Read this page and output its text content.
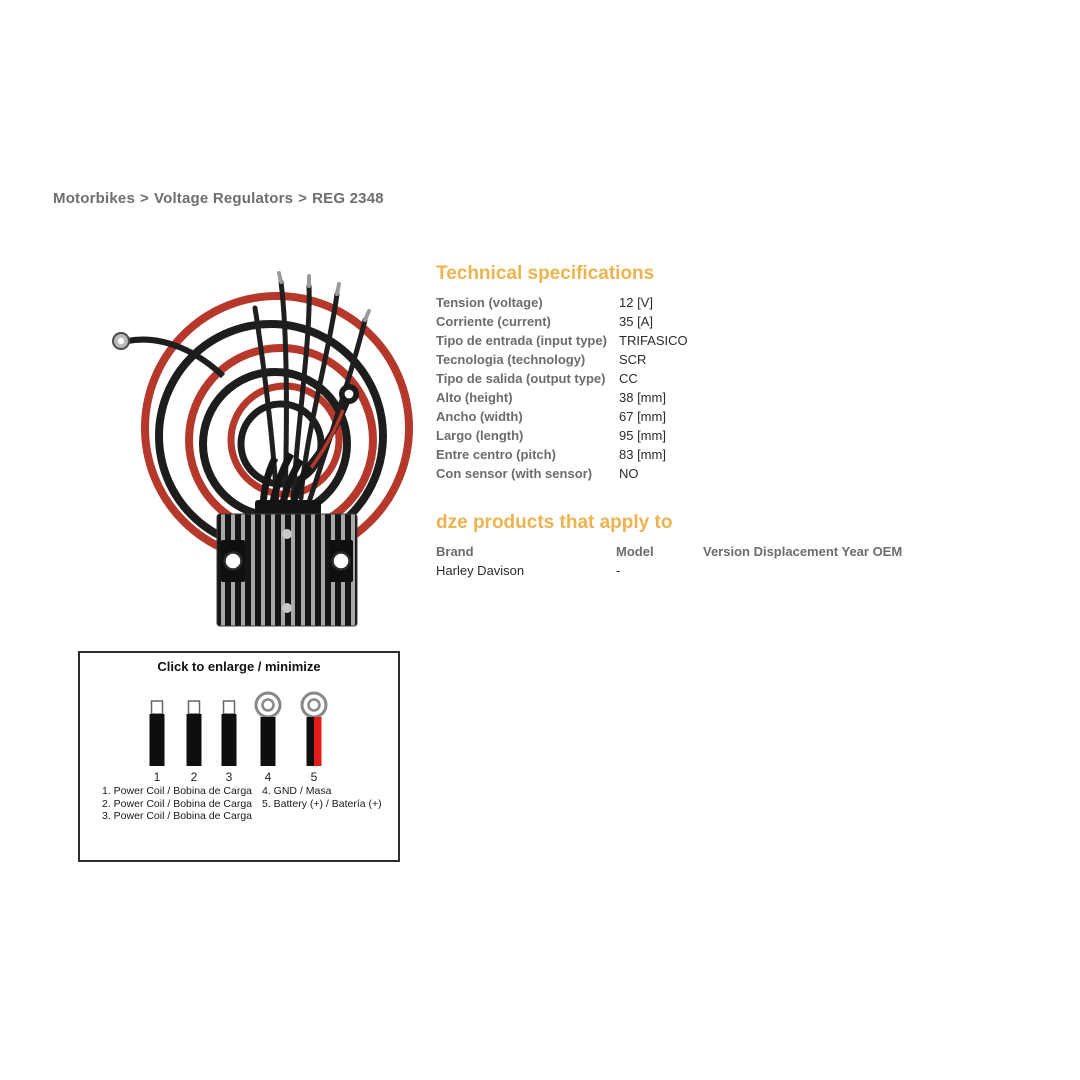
Motorbikes > Voltage Regulators > REG 2348
Technical specifications
Tension (voltage)	12 [V]
Corriente (current)	35 [A]
Tipo de entrada (input type) TRIFASICO
Tecnologia (technology)	SCR
Tipo de salida (output type)	CC
Alto (height)	38 [mm]
Ancho (width)	67 [mm]
Largo (length)	95 [mm]
Entre centro (pitch)	83 [mm]
Con sensor (with sensor)	NO
dze products that apply to
Brand	Model	Version Displacement Year OEM
Harley Davison	-
Click to enlarge / minimize
1	2 3	4	5
1. Power Coil / Bobina de Carga
2. Power Coil / Bobina de Carga
3. Power Coil / Bobina de Carga
4. GND / Masa
5. Battery (+) / Batería (+)
